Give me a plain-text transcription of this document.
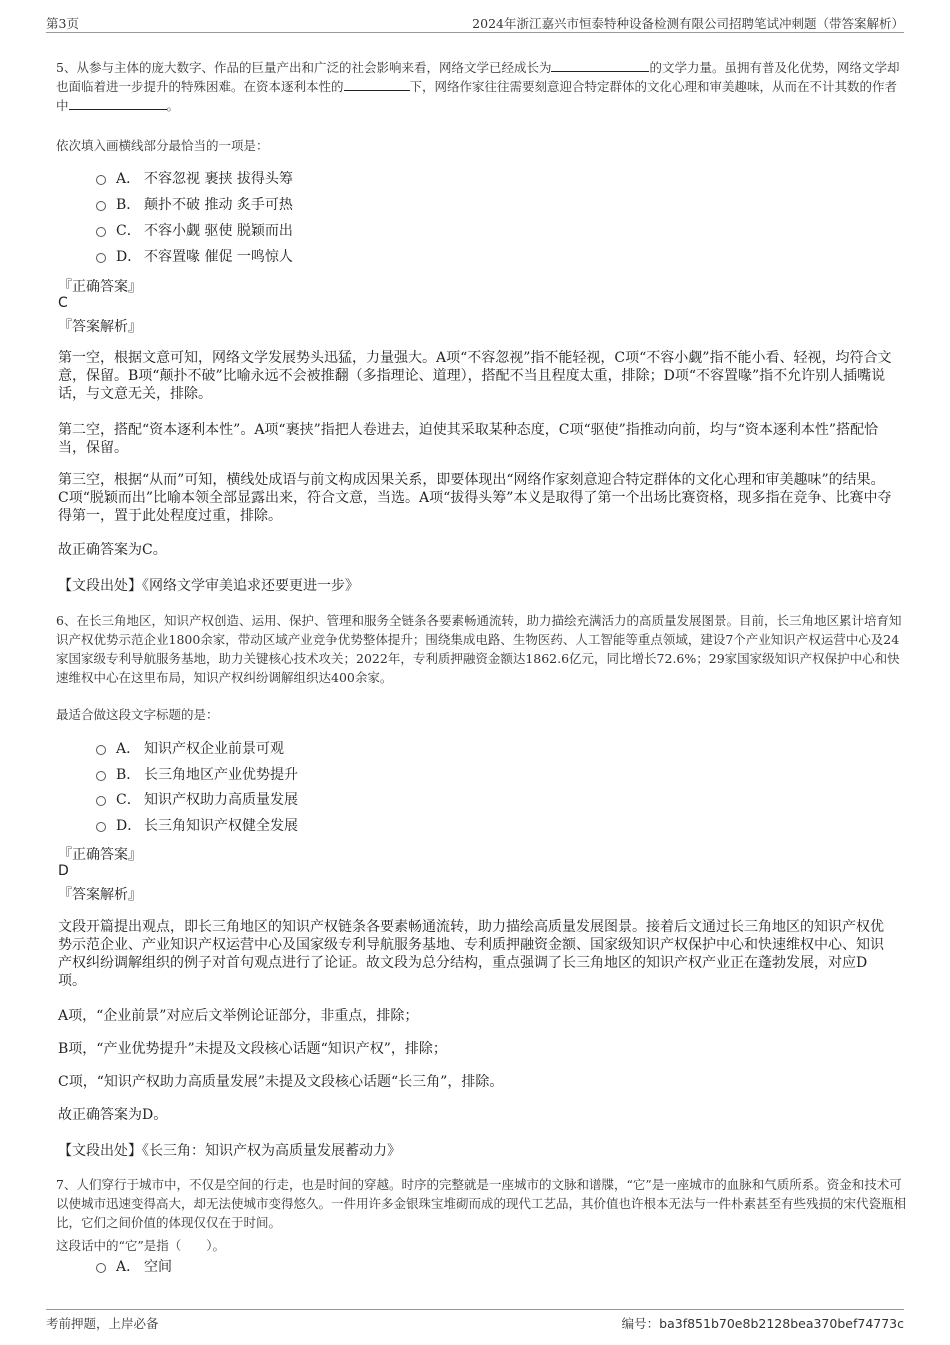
第3页	2024年浙江嘉兴市恒泰特种设备检测有限公司招聘笔试冲刺题（带答案解析）
5、从参与主体的庞大数字、作品的巨量产出和广泛的社会影响来看，网络文学已经成长为	的文学力量。虽拥有普及化优势，网络文学却也面临着进一步提升的特殊困难。在资本逐利本性的	下，网络作家往往需要刻意迎合特定群体的文化心理和审美趣味，从而在不计其数的作者中	。
依次填入画横线部分最恰当的一项是：
A． 不容忽视 裹挟 拔得头筹
B． 颠扑不破 推动 炙手可热
C． 不容小觑 驱使 脱颖而出
D． 不容置喙 催促 一鸣惊人
『正确答案』
C
『答案解析』
第一空，根据文意可知，网络文学发展势头迅猛，力量强大。A项“不容忽视”指不能轻视，C项“不容小觑”指不能小看、轻视，均符合文意，保留。B项“颠扑不破”比喻永远不会被推翻（多指理论、道理），搭配不当且程度太重，排除；D项“不容置喙”指不允许别人插嘴说话，与文意无关，排除。
第二空，搭配“资本逐利本性”。A项“裹挟”指把人卷进去，迫使其采取某种态度，C项“驱使”指推动向前，均与“资本逐利本性”搭配恰当，保留。
第三空，根据“从而”可知，横线处成语与前文构成因果关系，即要体现出“网络作家刻意迎合特定群体的文化心理和审美趣味”的结果。C项“脱颖而出”比喻本领全部显露出来，符合文意，当选。A项“拔得头筹”本义是取得了第一个出场比赛资格，现多指在竞争、比赛中夺得第一，置于此处程度过重，排除。
故正确答案为C。
【文段出处】《网络文学审美追求还要更进一步》
6、在长三角地区，知识产权创造、运用、保护、管理和服务全链条各要素畅通流转，助力描绘充满活力的高质量发展图景。目前，长三角地区累计培育知识产权优势示范企业1800余家，带动区域产业竞争优势整体提升；围绕集成电路、生物医药、人工智能等重点领域，建设7个产业知识产权运营中心及24家国家级专利导航服务基地，助力关键核心技术攻关；2022年，专利质押融资金额达1862.6亿元，同比增长72.6%；29家国家级知识产权保护中心和快速维权中心在这里布局，知识产权纠纷调解组织达400余家。
最适合做这段文字标题的是：
A． 知识产权企业前景可观
B． 长三角地区产业优势提升
C． 知识产权助力高质量发展
D． 长三角知识产权健全发展
『正确答案』
D
『答案解析』
文段开篇提出观点，即长三角地区的知识产权链条各要素畅通流转，助力描绘高质量发展图景。接着后文通过长三角地区的知识产权优势示范企业、产业知识产权运营中心及国家级专利导航服务基地、专利质押融资金额、国家级知识产权保护中心和快速维权中心、知识产权纠纷调解组织的例子对首句观点进行了论证。故文段为总分结构，重点强调了长三角地区的知识产权产业正在蓬勃发展，对应D项。
A项，“企业前景”对应后文举例论证部分，非重点，排除；
B项，“产业优势提升”未提及文段核心话题“知识产权”，排除；
C项，“知识产权助力高质量发展”未提及文段核心话题“长三角”，排除。
故正确答案为D。
【文段出处】《长三角：知识产权为高质量发展蓄动力》
7、人们穿行于城市中，不仅是空间的行走，也是时间的穿越。时序的完整就是一座城市的文脉和谱牒，“它”是一座城市的血脉和气质所系。资金和技术可以使城市迅速变得高大，却无法使城市变得悠久。一件用许多金银珠宝堆砌而成的现代工艺品，其价值也许根本无法与一件朴素甚至有些残损的宋代瓷瓶相比，它们之间价值的体现仅仅在于时间。
这段话中的“它”是指（　　）。
A． 空间
考前押题，上岸必备	编号：ba3f851b70e8b2128bea370bef74773c
